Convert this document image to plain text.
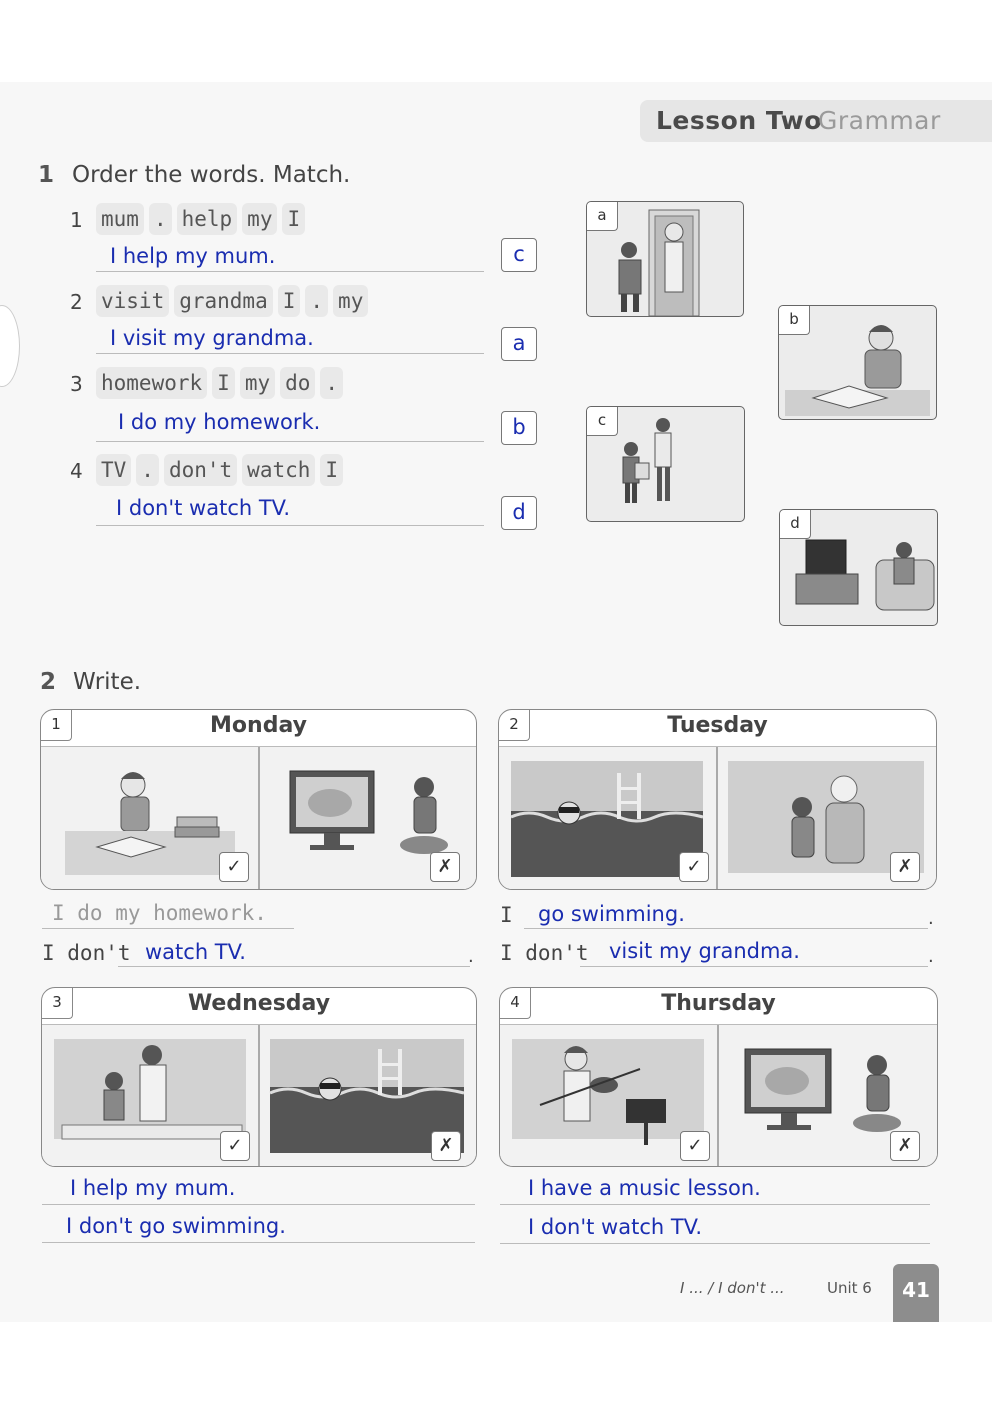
Lesson Two
Grammar
1 Order the words. Match.
1 mum . help my I
I help my mum.	c
2 visit grandma I . my
I visit my grandma.	a
3 homework I my do .
I do my homework.	b
4 TV . don't watch I
I don't watch TV.	d
a
b
c
d
2 Write.
1	Monday
✓	✗
2	Tuesday
✓	✗
I do my homework.
I don't watch TV.	.
I go swimming.	.
I don't visit my grandma.	.
3	Wednesday
✓	✗
4	Thursday
✓	✗
I help my mum.
I don't go swimming.
I have a music lesson.
I don't watch TV.
I ... / I don't ...	Unit 6	41
